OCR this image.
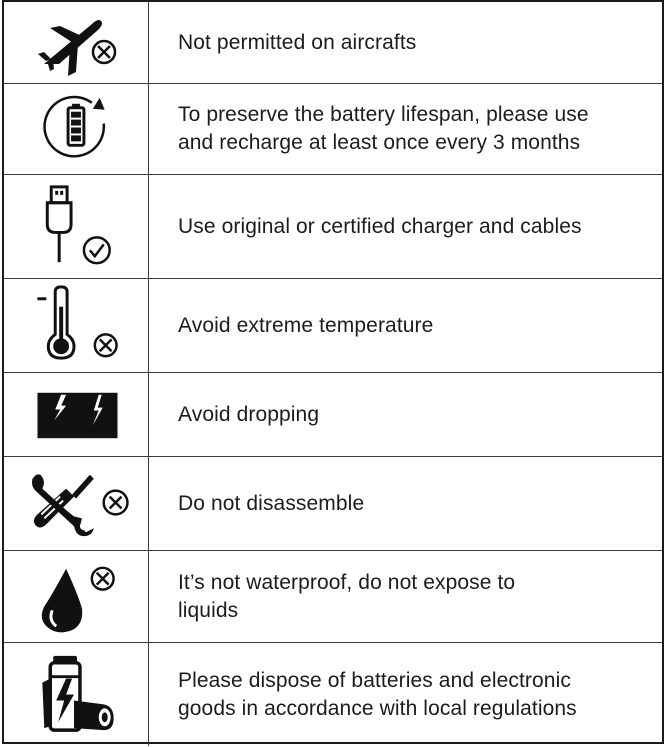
Not permitted on aircrafts
To preserve the battery lifespan, please use
and recharge at least once every 3 months
Use original or certified charger and cables
Avoid extreme temperature
Avoid dropping
Do not disassemble
It’s not waterproof, do not expose to
liquids
Please dispose of batteries and electronic
goods in accordance with local regulations
